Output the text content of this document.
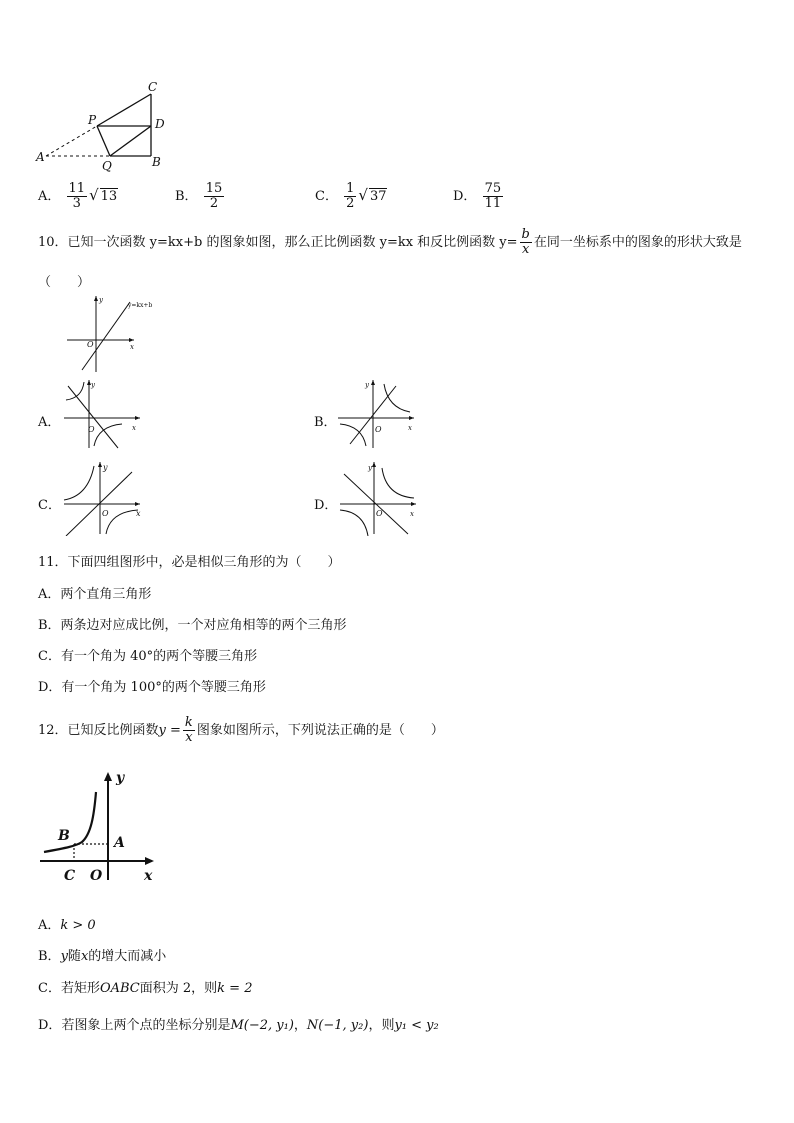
C
P	D
A
Q	B
A． $\frac{11}{3}$ √ 13	B． $\frac{15}{2}$	C． $\frac{1}{2}$ √ 37	D． $\frac{75}{11}$
10．已知一次函数 y=kx+b 的图象如图，那么正比例函数 y=kx 和反比例函数 $y= \frac{b}{x}$ 在同一坐标系中的图象的形状大致是
（　　）
y
x
O
y=kx+b
A．
y
x
O	B．
y
x
O
C．
y
x
O
D．
y
x
O
11．下面四组图形中，必是相似三角形的为（　　）
A．两个直角三角形
B．两条边对应成比例，一个对应角相等的两个三角形
C．有一个角为 40°的两个等腰三角形
D．有一个角为 100°的两个等腰三角形
12．已知反比例函数$y = \frac{k}{x}$ 图象如图所示，下列说法正确的是（　　）
y
x
B	A
C O
A．k > 0
B．y随x的增大而减小
C．若矩形OABC面积为 2，则k = 2
D．若图象上两个点的坐标分别是M(−2, y₁)，N(−1, y₂)，则y₁ < y₂
